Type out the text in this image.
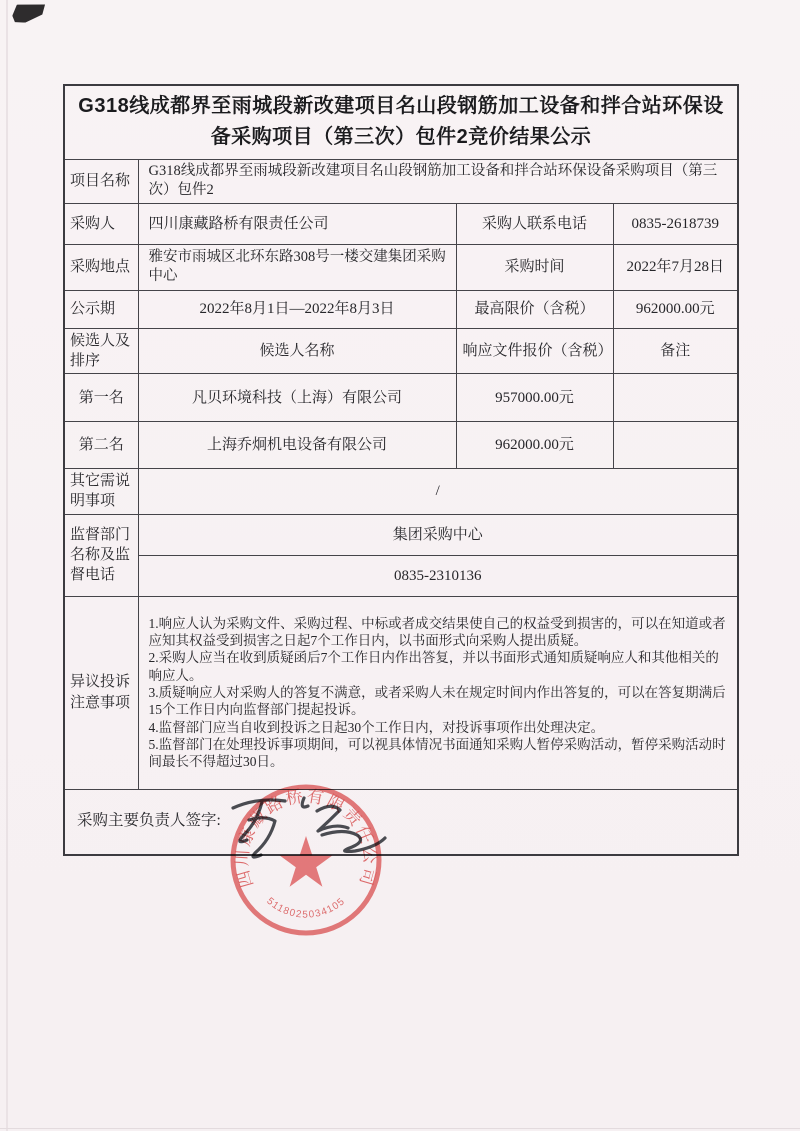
G318线成都界至雨城段新改建项目名山段钢筋加工设备和拌合站环保设备采购项目（第三次）包件2竞价结果公示			
项目名称	G318线成都界至雨城段新改建项目名山段钢筋加工设备和拌合站环保设备采购项目（第三次）包件2		
采购人	四川康藏路桥有限责任公司	采购人联系电话	0835-2618739
采购地点	雅安市雨城区北环东路308号一楼交建集团采购中心	采购时间	2022年7月28日
公示期	2022年8月1日—2022年8月3日	最高限价（含税）	962000.00元
候选人及排序	候选人名称	响应文件报价（含税）	备注
第一名	凡贝环境科技（上海）有限公司	957000.00元	
第二名	上海乔炯机电设备有限公司	962000.00元	
其它需说明事项	/		
监督部门名称及监督电话	集团采购中心		
	0835-2310136		
异议投诉注意事项	1.响应人认为采购文件、采购过程、中标或者成交结果使自己的权益受到损害的，可以在知道或者应知其权益受到损害之日起7个工作日内，以书面形式向采购人提出质疑。

2.采购人应当在收到质疑函后7个工作日内作出答复，并以书面形式通知质疑响应人和其他相关的响应人。

3.质疑响应人对采购人的答复不满意，或者采购人未在规定时间内作出答复的，可以在答复期满后15个工作日内向监督部门提起投诉。

4.监督部门应当自收到投诉之日起30个工作日内，对投诉事项作出处理决定。

5.监督部门在处理投诉事项期间，可以视具体情况书面通知采购人暂停采购活动，暂停采购活动时间最长不得超过30日。		

采购主要负责人签字:			
四川康藏路桥有限责任公司
5118025034105
